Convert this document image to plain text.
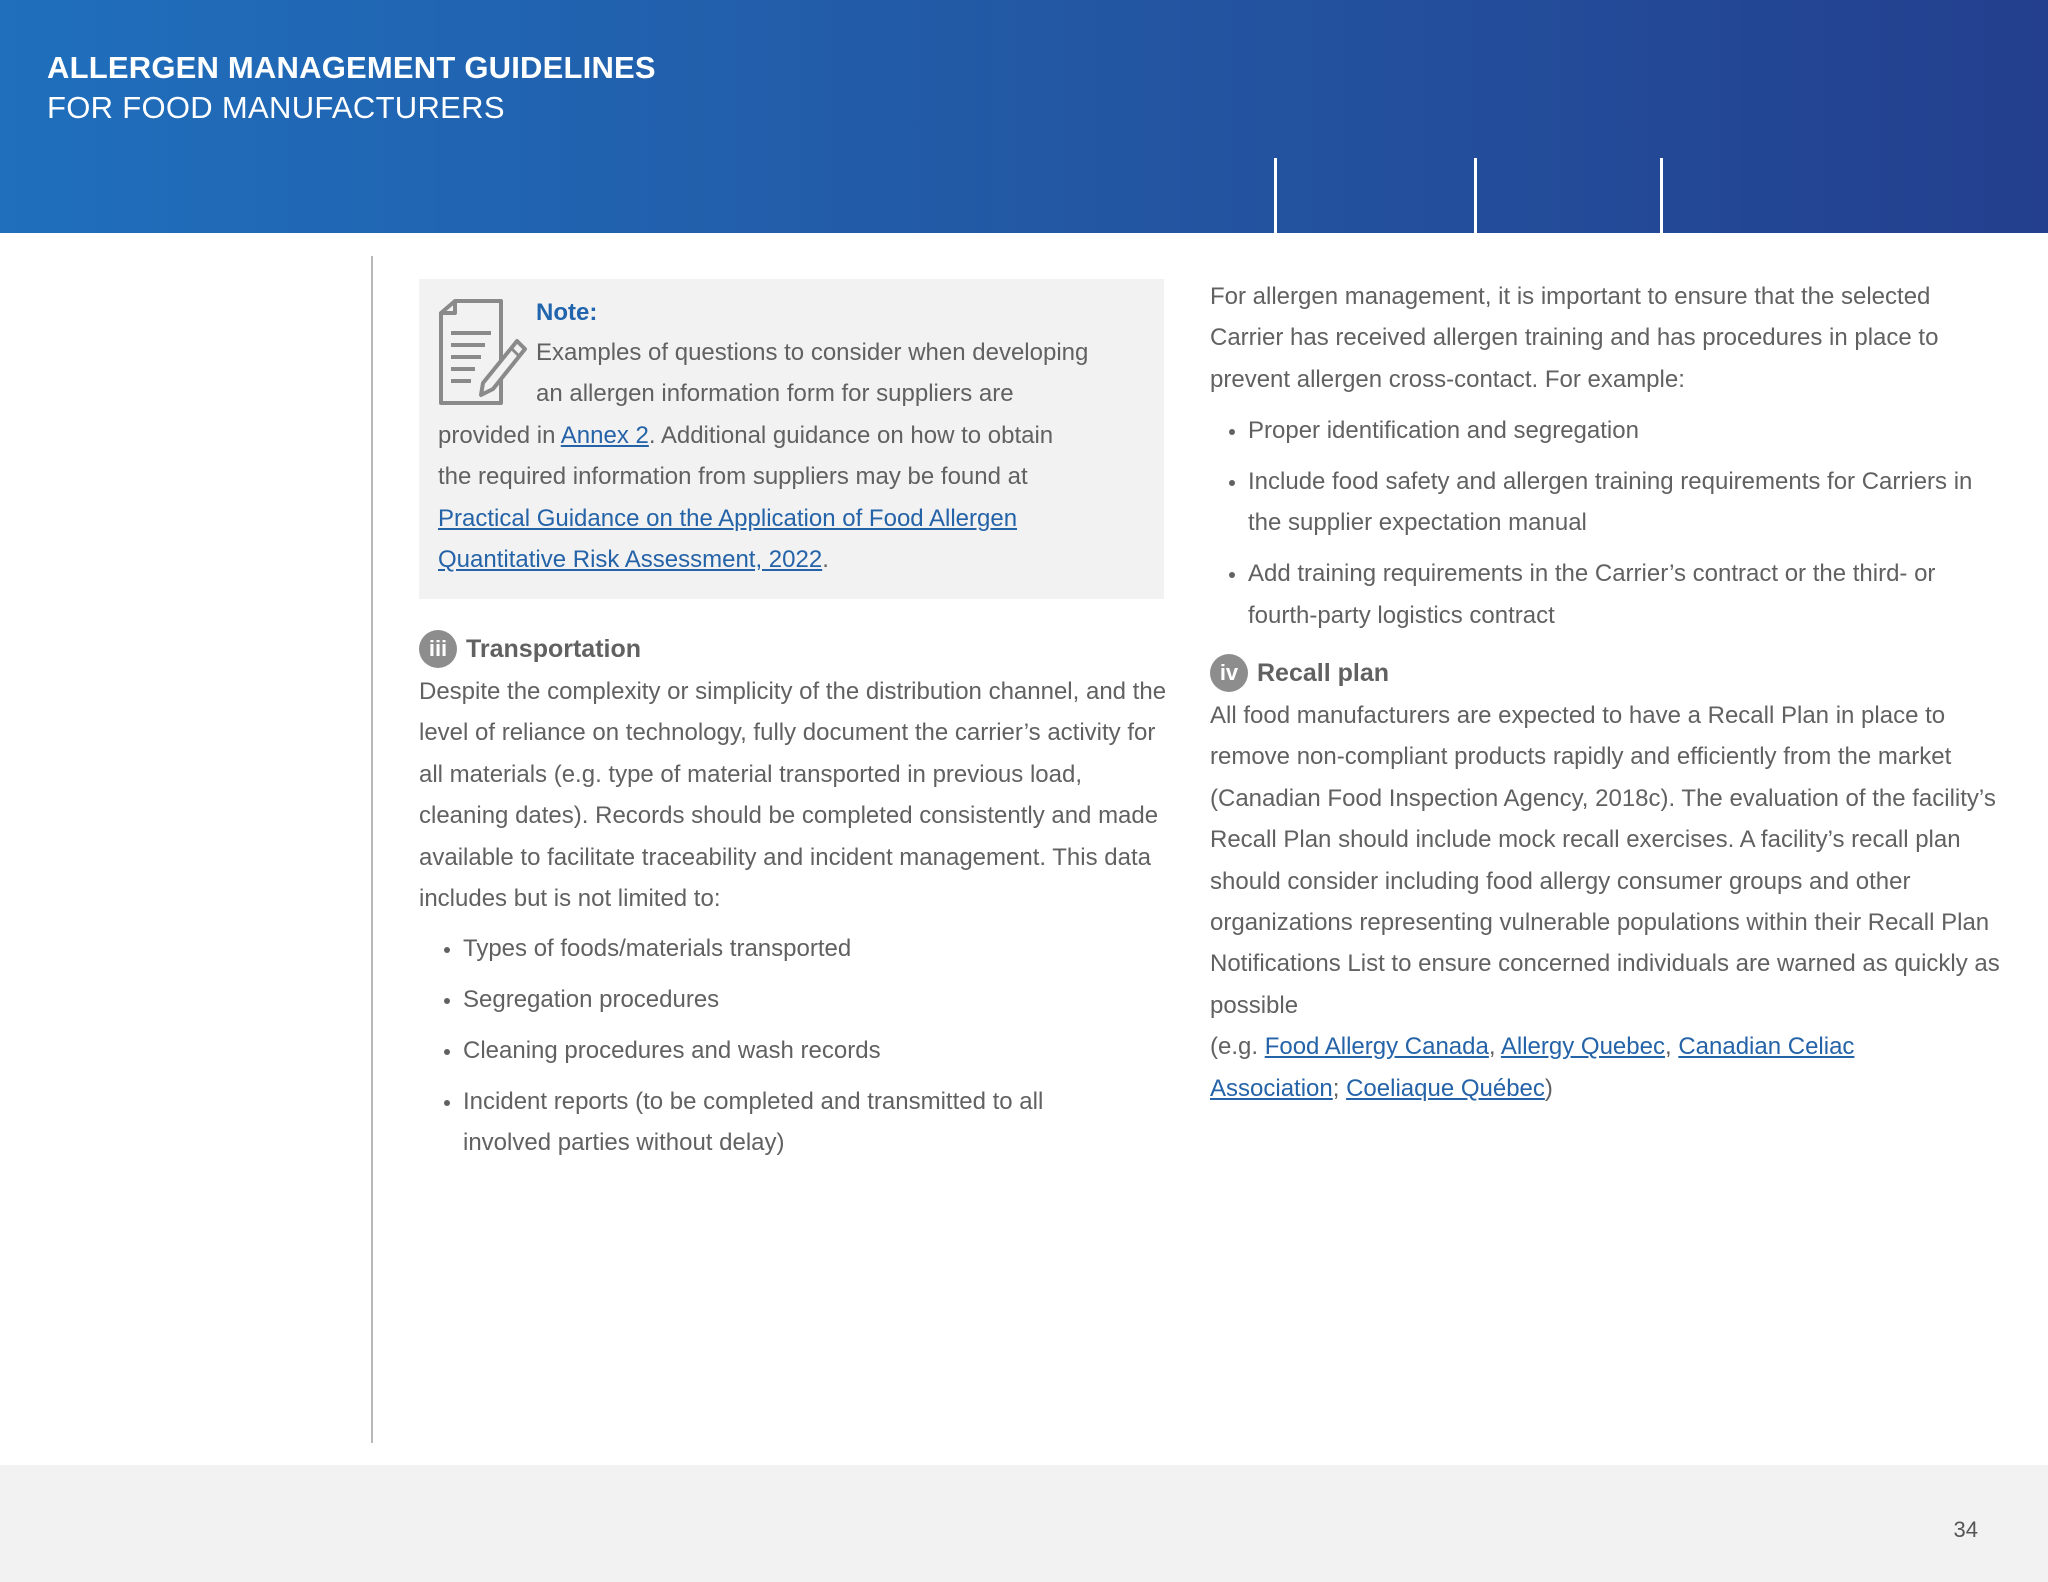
ALLERGEN MANAGEMENT GUIDELINES
FOR FOOD MANUFACTURERS
Note:
Examples of questions to consider when developing
an allergen information form for suppliers are
provided in Annex 2. Additional guidance on how to obtain
the required information from suppliers may be found at
Practical Guidance on the Application of Food Allergen
Quantitative Risk Assessment, 2022.
iii Transportation

Despite the complexity or simplicity of the distribution channel, and the level of reliance on technology, fully document the carrier’s activity for all materials (e.g. type of material transported in previous load, cleaning dates). Records should be completed consistently and made available to facilitate traceability and incident management. This data includes but is not limited to:

Types of foods/materials transported
Segregation procedures
Cleaning procedures and wash records
Incident reports (to be completed and transmitted to all involved parties without delay)

For allergen management, it is important to ensure that the selected Carrier has received allergen training and has procedures in place to prevent allergen cross-contact. For example:

Proper identification and segregation
Include food safety and allergen training requirements for Carriers in the supplier expectation manual
Add training requirements in the Carrier’s contract or the third- or fourth-party logistics contract
iv Recall plan

All food manufacturers are expected to have a Recall Plan in place to remove non-compliant products rapidly and efficiently from the market (Canadian Food Inspection Agency, 2018c). The evaluation of the facility’s Recall Plan should include mock recall exercises. A facility’s recall plan should consider including food allergy consumer groups and other organizations representing vulnerable populations within their Recall Plan Notifications List to ensure concerned individuals are warned as quickly as possible
(e.g. Food Allergy Canada, Allergy Quebec, Canadian Celiac
Association; Coeliaque Québec)

34
